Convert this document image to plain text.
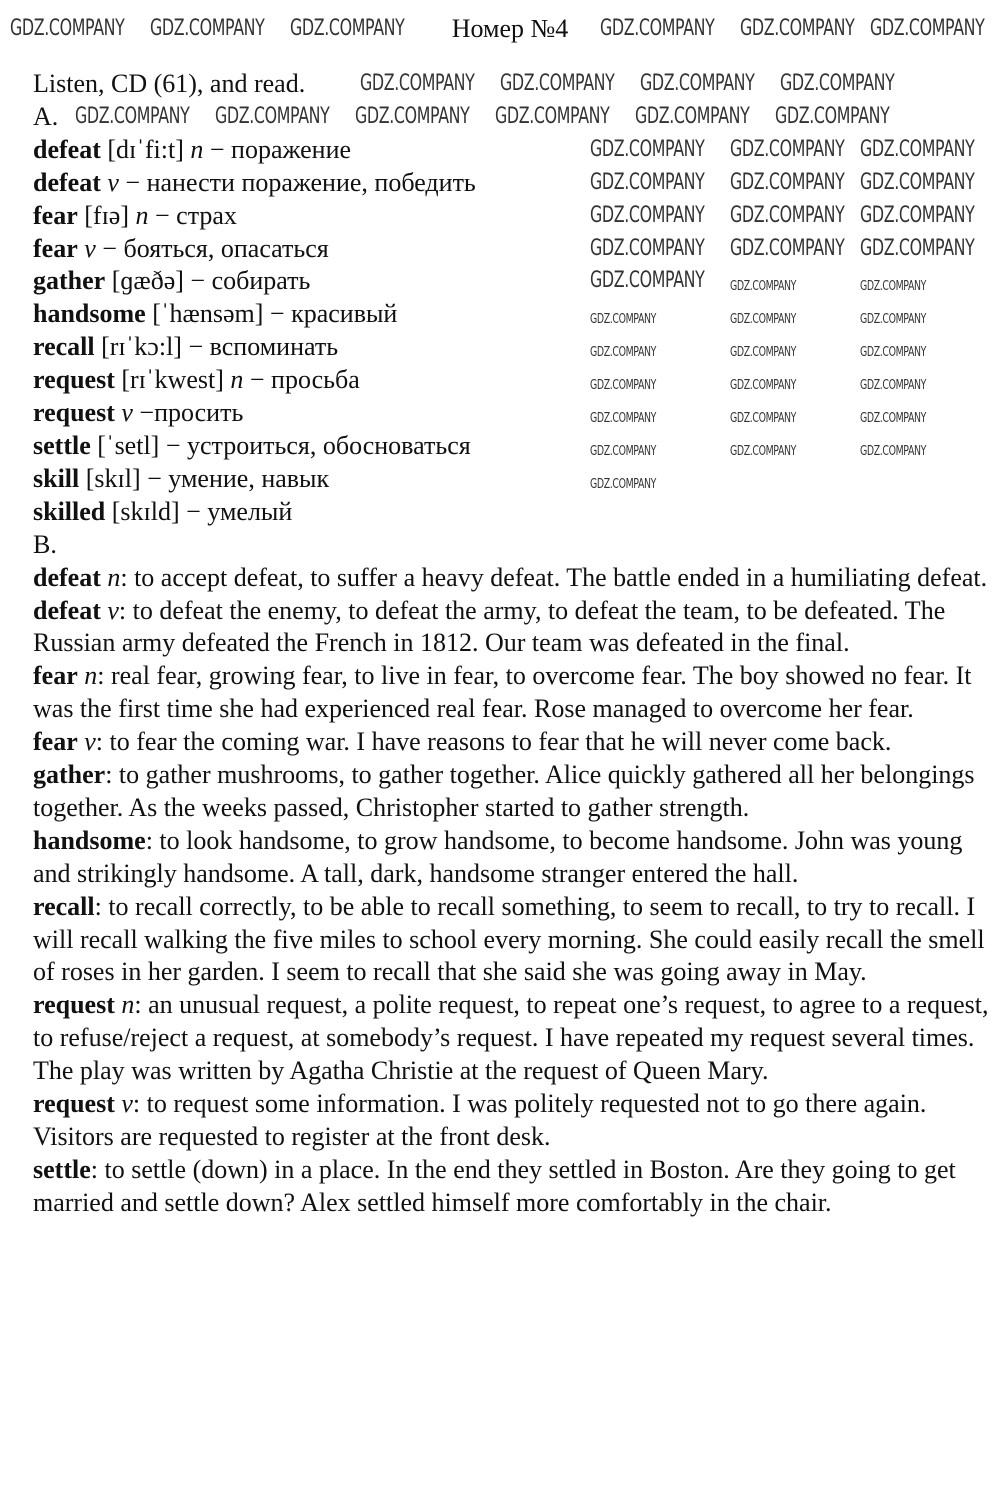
Номер №4
Listen, CD (61), and read.
A.
defeat [dɪˈfi:t] n − поражение
defeat v − нанести поражение, победить
fear [fɪə] n − страх
fear v − бояться, опасаться
gather [ɡæðə] − собирать
handsome [ˈhænsəm] − красивый
recall [rɪˈkɔ:l] − вспоминать
request [rɪˈkwest] n − просьба
request v −просить
settle [ˈsetl] − устроиться, обосноваться
skill [skɪl] − умение, навык
skilled [skɪld] − умелый
B.
defeat n: to accept defeat, to suffer a heavy defeat. The battle ended in a humiliating defeat.
defeat v: to defeat the enemy, to defeat the army, to defeat the team, to be defeated. The Russian army defeated the French in 1812. Our team was defeated in the final.
fear n: real fear, growing fear, to live in fear, to overcome fear. The boy showed no fear. It was the first time she had experienced real fear. Rose managed to overcome her fear.
fear v: to fear the coming war. I have reasons to fear that he will never come back.
gather: to gather mushrooms, to gather together. Alice quickly gathered all her belongings together. As the weeks passed, Christopher started to gather strength.
handsome: to look handsome, to grow handsome, to become handsome. John was young and strikingly handsome. A tall, dark, handsome stranger entered the hall.
recall: to recall correctly, to be able to recall something, to seem to recall, to try to recall. I will recall walking the five miles to school every morning. She could easily recall the smell of roses in her garden. I seem to recall that she said she was going away in May.
request n: an unusual request, a polite request, to repeat one’s request, to agree to a request, to refuse/reject a request, at somebody’s request. I have repeated my request several times. The play was written by Agatha Christie at the request of Queen Mary.
request v: to request some information. I was politely requested not to go there again. Visitors are requested to register at the front desk.
settle: to settle (down) in a place. In the end they settled in Boston. Are they going to get married and settle down? Alex settled himself more comfortably in the chair.
GDZ.COMPANY GDZ.COMPANY GDZ.COMPANY	GDZ.COMPANY GDZ.COMPANY GDZ.COMPANY
GDZ.COMPANY GDZ.COMPANY GDZ.COMPANY GDZ.COMPANY
GDZ.COMPANY GDZ.COMPANY GDZ.COMPANY GDZ.COMPANY GDZ.COMPANY GDZ.COMPANY
GDZ.COMPANY GDZ.COMPANY GDZ.COMPANY
GDZ.COMPANY GDZ.COMPANY GDZ.COMPANY
GDZ.COMPANY GDZ.COMPANY GDZ.COMPANY
GDZ.COMPANY GDZ.COMPANY GDZ.COMPANY
GDZ.COMPANY GDZ.COMPANY	GDZ.COMPANY
GDZ.COMPANY	GDZ.COMPANY	GDZ.COMPANY
GDZ.COMPANY	GDZ.COMPANY	GDZ.COMPANY
GDZ.COMPANY	GDZ.COMPANY	GDZ.COMPANY
GDZ.COMPANY	GDZ.COMPANY	GDZ.COMPANY
GDZ.COMPANY	GDZ.COMPANY	GDZ.COMPANY
GDZ.COMPANY
